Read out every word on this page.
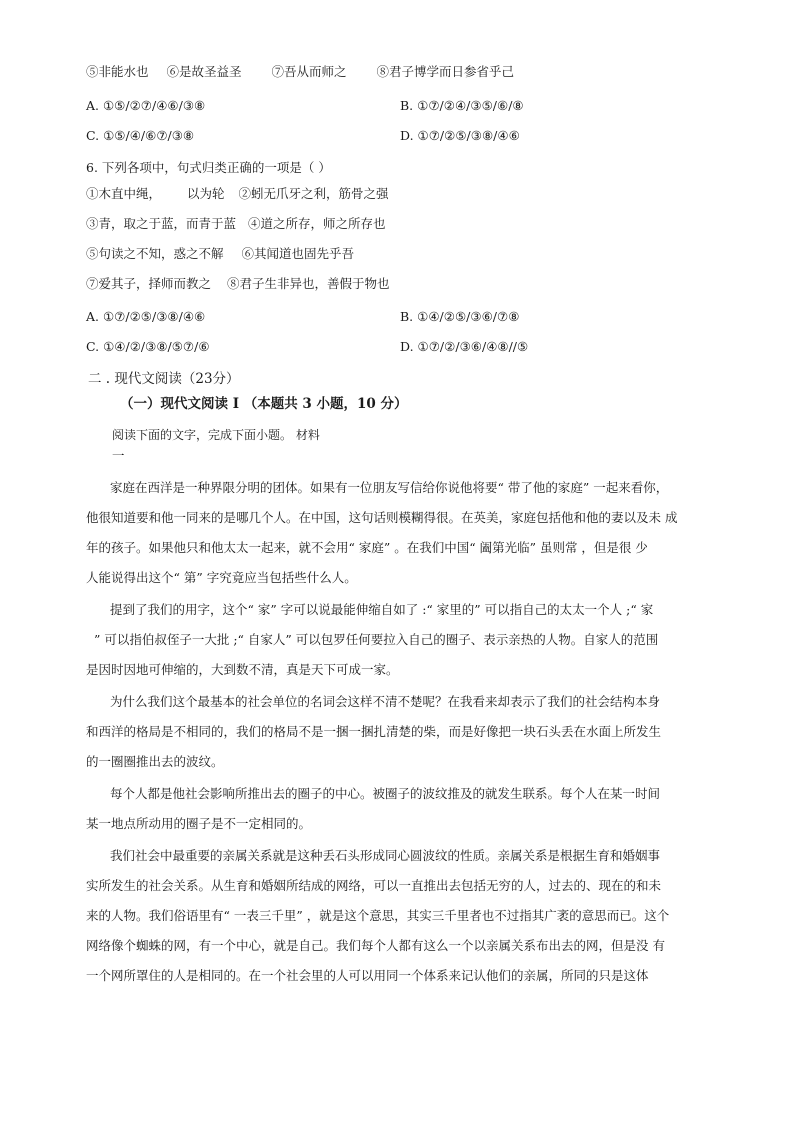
⑤非能水也 ⑥是故圣益圣 ⑦吾从而师之 ⑧君子博学而日参省乎己
A. ①⑤/②⑦/④⑥/③⑧	B. ①⑦/②④/③⑤/⑥/⑧
C. ①⑤/④/⑥⑦/③⑧	D. ①⑦/②⑤/③⑧/④⑥
6. 下列各项中，句式归类正确的一项是（ ）
①木直中绳， 以为轮 ②蚓无爪牙之利，筋骨之强
③青，取之于蓝，而青于蓝 ④道之所存，师之所存也
⑤句读之不知，惑之不解 ⑥其闻道也固先乎吾
⑦爱其子，择师而教之 ⑧君子生非异也，善假于物也
A. ①⑦/②⑤/③⑧/④⑥	B. ①④/②⑤/③⑥/⑦⑧
C. ①④/②/③⑧/⑤⑦/⑥	D. ①⑦/②/③⑥/④⑧//⑤
二 . 现代文阅读（23分）
（一）现代文阅读 I （本题共 3 小题，10 分）
阅读下面的文字，完成下面小题。 材料
一
家庭在西洋是一种界限分明的团体。如果有一位朋友写信给你说他将要“ 带了他的家庭” 一起来看你，
他很知道要和他一同来的是哪几个人。在中国，这句话则模糊得很。在英美，家庭包括他和他的妻以及未 成
年的孩子。如果他只和他太太一起来，就不会用“ 家庭” 。在我们中国“ 阖第光临” 虽则常 ，但是很 少
人能说得出这个“ 第” 字究竟应当包括些什么人。
提到了我们的用字，这个“ 家” 字可以说最能伸缩自如了 :“ 家里的” 可以指自己的太太一个人 ;“ 家
” 可以指伯叔侄子一大批 ;“ 自家人” 可以包罗任何要拉入自己的圈子、表示亲热的人物。自家人的范围
是因时因地可伸缩的，大到数不清，真是天下可成一家。
为什么我们这个最基本的社会单位的名词会这样不清不楚呢？在我看来却表示了我们的社会结构本身
和西洋的格局是不相同的，我们的格局不是一捆一捆扎清楚的柴，而是好像把一块石头丢在水面上所发生
的一圈圈推出去的波纹。
每个人都是他社会影响所推出去的圈子的中心。被圈子的波纹推及的就发生联系。每个人在某一时间
某一地点所动用的圈子是不一定相同的。
我们社会中最重要的亲属关系就是这种丢石头形成同心圆波纹的性质。亲属关系是根据生育和婚姻事
实所发生的社会关系。从生育和婚姻所结成的网络，可以一直推出去包括无穷的人，过去的、现在的和未
来的人物。我们俗语里有“ 一表三千里” ，就是这个意思，其实三千里者也不过指其广袤的意思而已。这个
网络像个蜘蛛的网，有一个中心，就是自己。我们每个人都有这么一个以亲属关系布出去的网，但是没 有
一个网所罩住的人是相同的。在一个社会里的人可以用同一个体系来记认他们的亲属，所同的只是这体
